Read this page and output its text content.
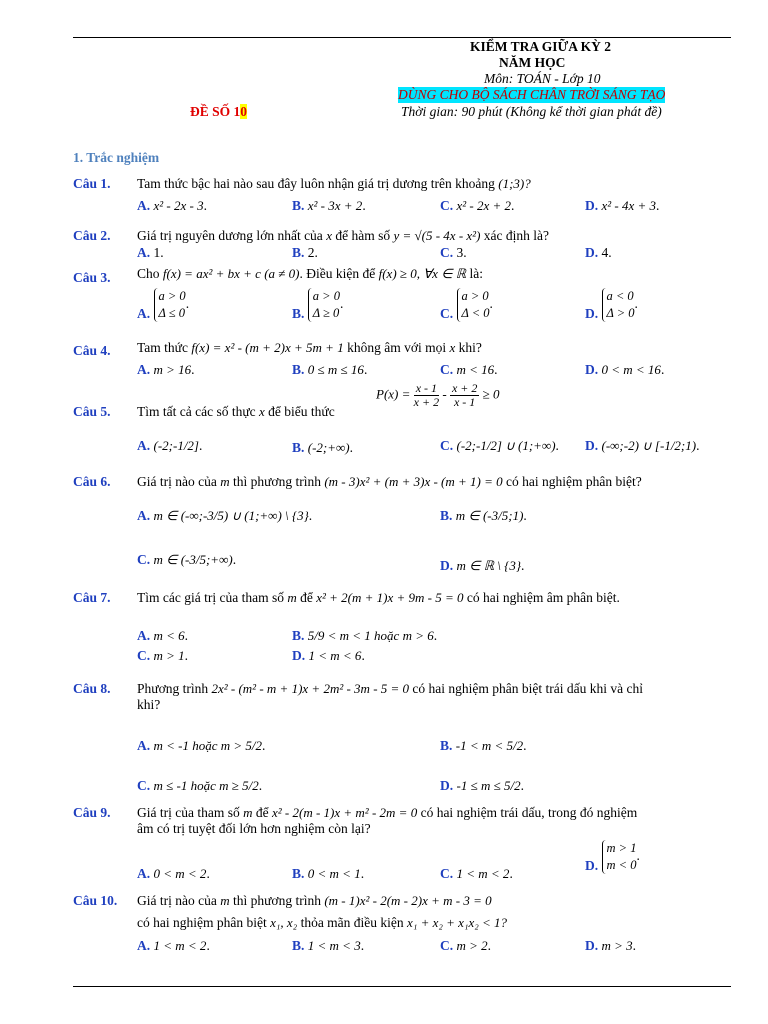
KIỂM TRA GIỮA KỲ 2
NĂM HỌC
Môn: TOÁN - Lớp 10
DÙNG CHO BỘ SÁCH CHÂN TRỜI SÁNG TẠO
ĐỀ SỐ 10	Thời gian: 90 phút (Không kể thời gian phát đề)
1. Trắc nghiệm
Câu 1. Tam thức bậc hai nào sau đây luôn nhận giá trị dương trên khoảng (1;3)?
A. x² - 2x - 3.	B. x² - 3x + 2.	C. x² - 2x + 2.	D. x² - 4x + 3.
Câu 2. Giá trị nguyên dương lớn nhất của x để hàm số y = √(5 - 4x - x²) xác định là?
A. 1.	B. 2.	C. 3.	D. 4.
Câu 3. Cho f(x) = ax² + bx + c (a ≠ 0). Điều kiện để f(x) ≥ 0, ∀x ∈ ℝ là:
A.
a > 0
Δ ≤ 0
.
B.
a > 0
Δ ≥ 0
.
C.
a > 0
Δ < 0
.
D.
a < 0
Δ > 0
.
Câu 4. Tam thức f(x) = x² - (m + 2)x + 5m + 1 không âm với mọi x khi?
A. m > 16.	B. 0 ≤ m ≤ 16.	C. m < 16.	D. 0 < m < 16.
Câu 5. Tìm tất cả các số thực x để biểu thức
$P(x) = \frac{x - 1}{x + 2} - \frac{x + 2}{x - 1} \ge 0$
A. (-2;-1/2].	B. (-2;+∞).	C. (-2;-1/2] ∪ (1;+∞). D. (-∞;-2) ∪ [-1/2;1).
Câu 6. Giá trị nào của m thì phương trình (m - 3)x² + (m + 3)x - (m + 1) = 0 có hai nghiệm phân biệt?
A. m ∈ (-∞;-3/5) ∪ (1;+∞) \ {3}.	B. m ∈ (-3/5;1).
C. m ∈ (-3/5;+∞).	D. m ∈ ℝ \ {3}.
Câu 7. Tìm các giá trị của tham số m để x² + 2(m + 1)x + 9m - 5 = 0 có hai nghiệm âm phân biệt.
A. m < 6.	B. 5/9 < m < 1 hoặc m > 6.
C. m > 1.	D. 1 < m < 6.
Câu 8. Phương trình 2x² - (m² - m + 1)x + 2m² - 3m - 5 = 0 có hai nghiệm phân biệt trái dấu khi và chỉ
khi?
A. m < -1 hoặc m > 5/2.	B. -1 < m < 5/2.
C. m ≤ -1 hoặc m ≥ 5/2.	D. -1 ≤ m ≤ 5/2.
Câu 9. Giá trị của tham số m để x² - 2(m - 1)x + m² - 2m = 0 có hai nghiệm trái dấu, trong đó nghiệm
âm có trị tuyệt đối lớn hơn nghiệm còn lại?
A. 0 < m < 2.	B. 0 < m < 1.	C. 1 < m < 2.
D.
m > 1
m < 0
.
Câu 10. Giá trị nào của m thì phương trình (m - 1)x² - 2(m - 2)x + m - 3 = 0
có hai nghiệm phân biệt x₁, x₂ thỏa mãn điều kiện x₁ + x₂ + x₁x₂ < 1?
A. 1 < m < 2.	B. 1 < m < 3.	C. m > 2.	D. m > 3.
